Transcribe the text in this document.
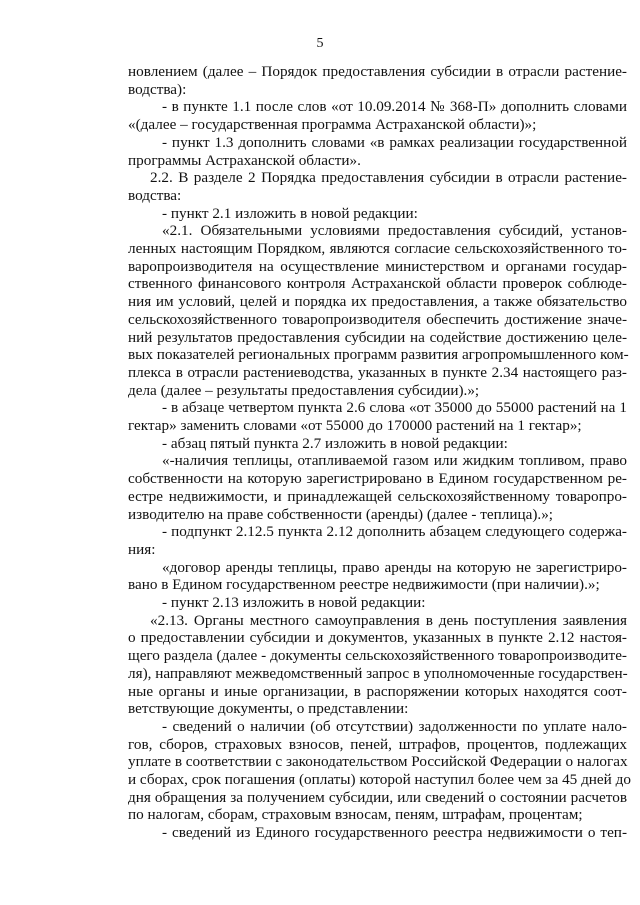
5
новлением (далее – Порядок предоставления субсидии в отрасли растение-
водства):
- в пункте 1.1 после слов «от 10.09.2014 № 368-П» дополнить словами
«(далее – государственная программа Астраханской области)»;
- пункт 1.3 дополнить словами «в рамках реализации государственной
программы Астраханской области».
2.2. В разделе 2 Порядка предоставления субсидии в отрасли растение-
водства:
- пункт 2.1 изложить в новой редакции:
«2.1. Обязательными условиями предоставления субсидий, установ-
ленных настоящим Порядком, являются согласие сельскохозяйственного то-
варопроизводителя на осуществление министерством и органами государ-
ственного финансового контроля Астраханской области проверок соблюде-
ния им условий, целей и порядка их предоставления, а также обязательство
сельскохозяйственного товаропроизводителя обеспечить достижение значе-
ний результатов предоставления субсидии на содействие достижению целе-
вых показателей региональных программ развития агропромышленного ком-
плекса в отрасли растениеводства, указанных в пункте 2.34 настоящего раз-
дела (далее – результаты предоставления субсидии).»;
- в абзаце четвертом пункта 2.6 слова «от 35000 до 55000 растений на 1
гектар» заменить словами «от 55000 до 170000 растений на 1 гектар»;
- абзац пятый пункта 2.7 изложить в новой редакции:
«-наличия теплицы, отапливаемой газом или жидким топливом, право
собственности на которую зарегистрировано в Едином государственном ре-
естре недвижимости, и принадлежащей сельскохозяйственному товаропро-
изводителю на праве собственности (аренды) (далее - теплица).»;
- подпункт 2.12.5 пункта 2.12 дополнить абзацем следующего содержа-
ния:
«договор аренды теплицы, право аренды на которую не зарегистриро-
вано в Едином государственном реестре недвижимости (при наличии).»;
- пункт 2.13 изложить в новой редакции:
«2.13. Органы местного самоуправления в день поступления заявления
о предоставлении субсидии и документов, указанных в пункте 2.12 настоя-
щего раздела (далее - документы сельскохозяйственного товаропроизводите-
ля), направляют межведомственный запрос в уполномоченные государствен-
ные органы и иные организации, в распоряжении которых находятся соот-
ветствующие документы, о представлении:
- сведений о наличии (об отсутствии) задолженности по уплате нало-
гов, сборов, страховых взносов, пеней, штрафов, процентов, подлежащих
уплате в соответствии с законодательством Российской Федерации о налогах
и сборах, срок погашения (оплаты) которой наступил более чем за 45 дней до
дня обращения за получением субсидии, или сведений о состоянии расчетов
по налогам, сборам, страховым взносам, пеням, штрафам, процентам;
- сведений из Единого государственного реестра недвижимости о теп-
